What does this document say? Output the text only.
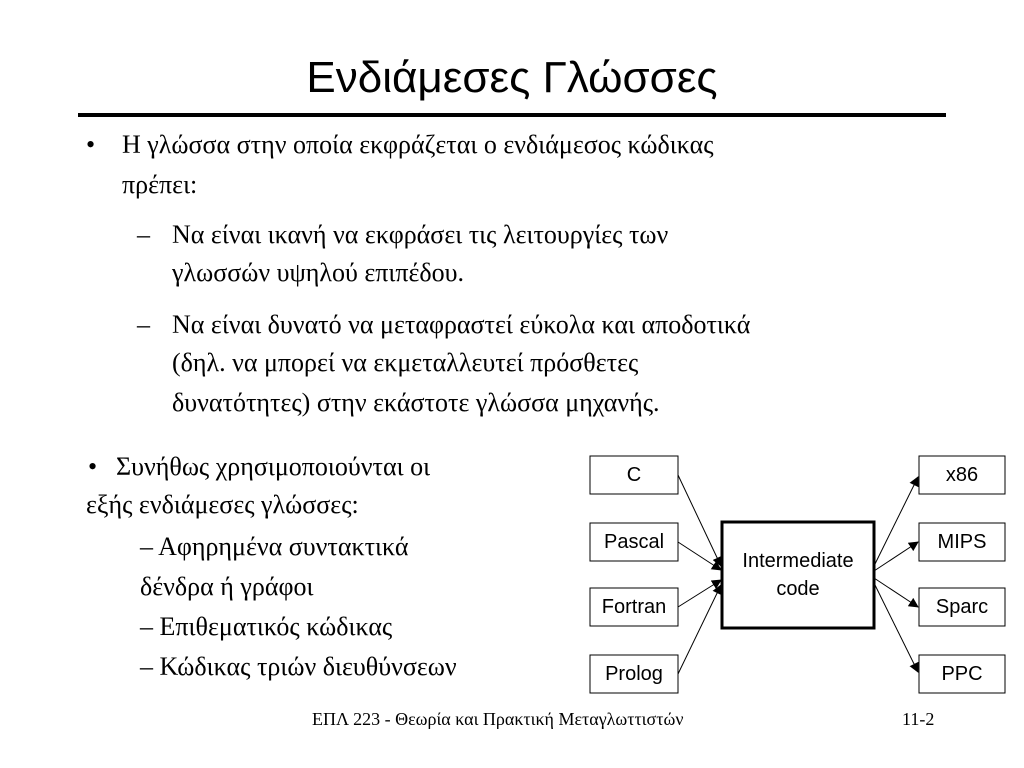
Ενδιάμεσες Γλώσσες
• Η γλώσσα στην οποία εκφράζεται ο ενδιάμεσος κώδικας
πρέπει:
– Να είναι ικανή να εκφράσει τις λειτουργίες των
γλωσσών υψηλού επιπέδου.
– Να είναι δυνατό να μεταφραστεί εύκολα και αποδοτικά
(δηλ. να μπορεί να εκμεταλλευτεί πρόσθετες
δυνατότητες) στην εκάστοτε γλώσσα μηχανής.
• Συνήθως χρησιμοποιούνται οι
εξής ενδιάμεσες γλώσσες:
– Αφηρημένα συντακτικά
δένδρα ή γράφοι
– Επιθεματικός κώδικας
– Κώδικας τριών διευθύνσεων
C
Pascal
Fortran
Prolog
Intermediate
code
x86
MIPS
Sparc
PPC
ΕΠΛ 223 - Θεωρία και Πρακτική Μεταγλωττιστών	11-2
